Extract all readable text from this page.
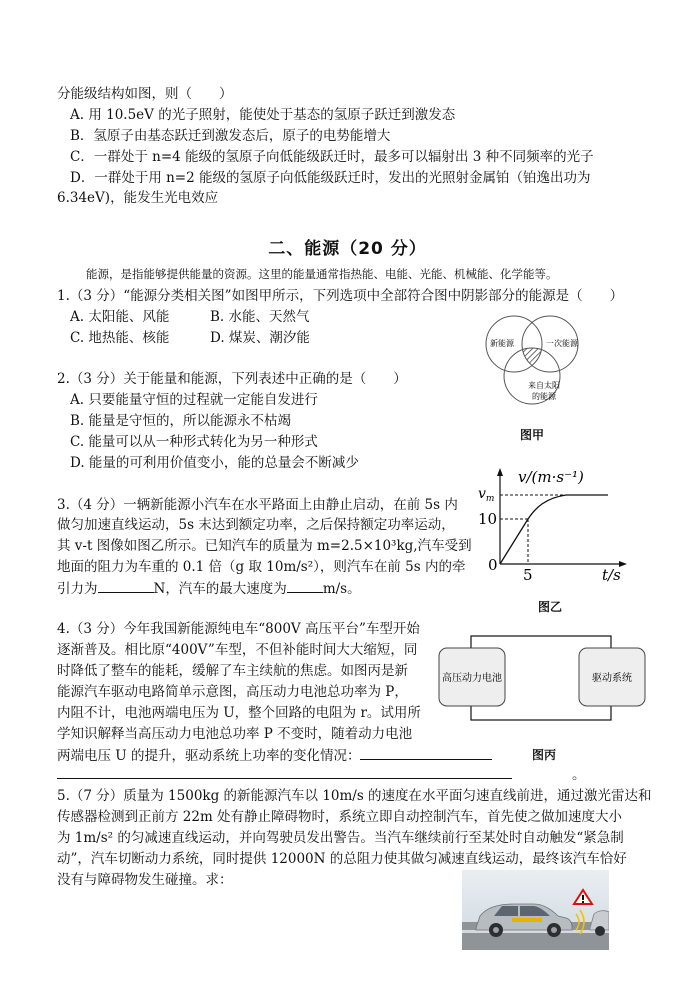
分能级结构如图，则（　　）
A. 用 10.5eV 的光子照射，能使处于基态的氢原子跃迁到激发态
B．氢原子由基态跃迁到激发态后，原子的电势能增大
C．一群处于 n=4 能级的氢原子向低能级跃迁时，最多可以辐射出 3 种不同频率的光子
D．一群处于用 n=2 能级的氢原子向低能级跃迁时，发出的光照射金属铂（铂逸出功为
6.34eV)，能发生光电效应
二、能源（20 分）
能源，是指能够提供能量的资源。这里的能量通常指热能、电能、光能、机械能、化学能等。
1.（3 分）“能源分类相关图”如图甲所示，下列选项中全部符合图中阴影部分的能源是（　　）
A. 太阳能、风能	B. 水能、天然气
C. 地热能、核能	D. 煤炭、潮汐能	新能源	一次能源
来自太阳
的能源
图甲
2.（3 分）关于能量和能源，下列表述中正确的是（　　）
A. 只要能量守恒的过程就一定能自发进行
B. 能量是守恒的，所以能源永不枯竭
C. 能量可以从一种形式转化为另一种形式
D. 能量的可利用价值变小，能的总量会不断减少
3.（4 分）一辆新能源小汽车在水平路面上由静止启动，在前 5s 内
做匀加速直线运动，5s 末达到额定功率，之后保持额定功率运动，
其 v-t 图像如图乙所示。已知汽车的质量为 m=2.5×10³kg,汽车受到
地面的阻力为车重的 0.1 倍（g 取 10m/s²），则汽车在前 5s 内的牵
引力为	N，汽车的最大速度为	m/s。
v/(m·s⁻¹)
$v_m$
10
0
5	t/s
图乙
4.（3 分）今年我国新能源纯电车“800V 高压平台”车型开始
逐渐普及。相比原“400V”车型，不但补能时间大大缩短，同
时降低了整车的能耗，缓解了车主续航的焦虑。如图丙是新
能源汽车驱动电路简单示意图，高压动力电池总功率为 P，
内阻不计，电池两端电压为 U，整个回路的电阻为 r。试用所
学知识解释当高压动力电池总功率 P 不变时，随着动力电池
两端电压 U 的提升，驱动系统上功率的变化情况：
。
高压动力电池	驱动系统
图丙
5.（7 分）质量为 1500kg 的新能源汽车以 10m/s 的速度在水平面匀速直线前进，通过激光雷达和
传感器检测到正前方 22m 处有静止障碍物时，系统立即自动控制汽车，首先使之做加速度大小
为 1m/s² 的匀减速直线运动，并向驾驶员发出警告。当汽车继续前行至某处时自动触发“紧急制
动”，汽车切断动力系统，同时提供 12000N 的总阻力使其做匀减速直线运动，最终该汽车恰好
没有与障碍物发生碰撞。求：
